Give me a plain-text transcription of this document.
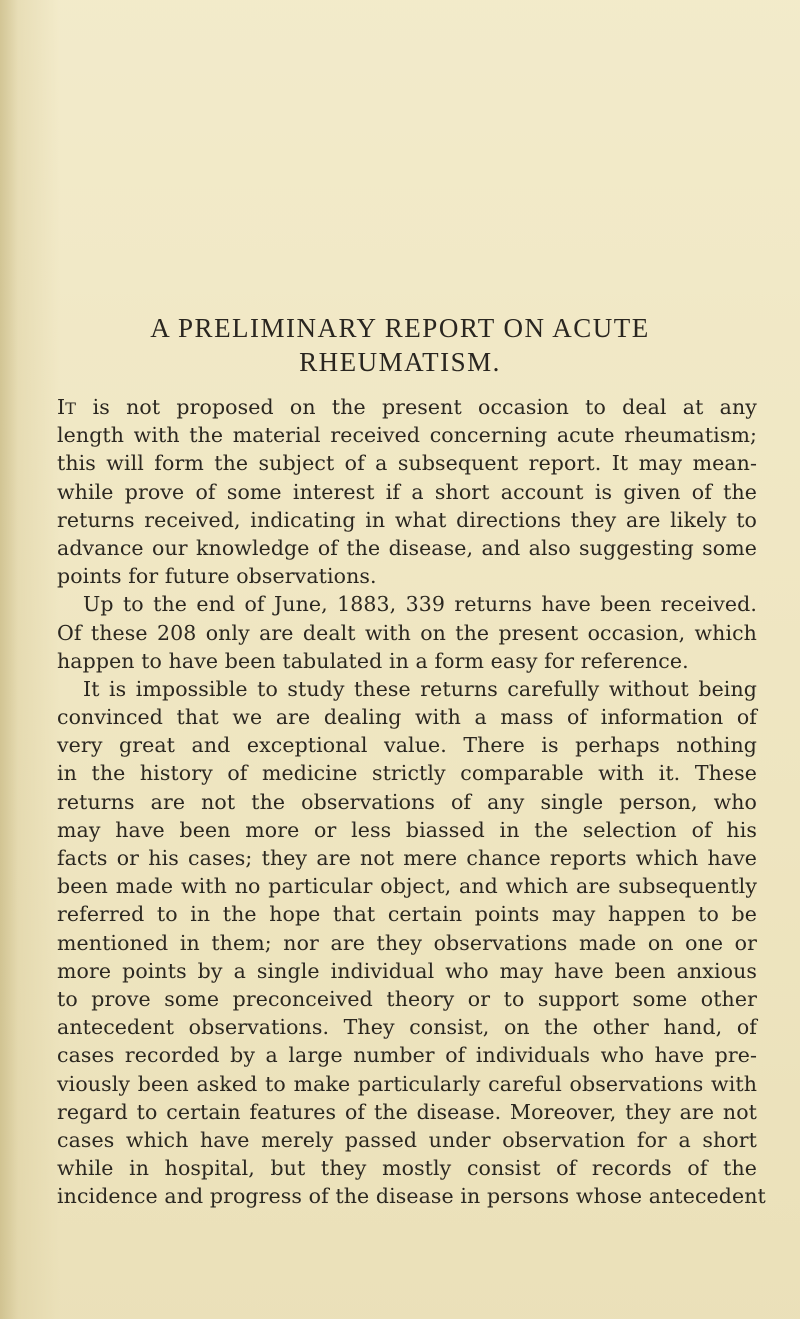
A PRELIMINARY REPORT ON ACUTE
RHEUMATISM.
IT is not proposed on the present occasion to deal at any
length with the material received concerning acute rheumatism;
this will form the subject of a subsequent report. It may mean-
while prove of some interest if a short account is given of the
returns received, indicating in what directions they are likely to
advance our knowledge of the disease, and also suggesting some
points for future observations.
Up to the end of June, 1883, 339 returns have been received.
Of these 208 only are dealt with on the present occasion, which
happen to have been tabulated in a form easy for reference.
It is impossible to study these returns carefully without being
convinced that we are dealing with a mass of information of
very great and exceptional value. There is perhaps nothing
in the history of medicine strictly comparable with it. These
returns are not the observations of any single person, who
may have been more or less biassed in the selection of his
facts or his cases; they are not mere chance reports which have
been made with no particular object, and which are subsequently
referred to in the hope that certain points may happen to be
mentioned in them; nor are they observations made on one or
more points by a single individual who may have been anxious
to prove some preconceived theory or to support some other
antecedent observations. They consist, on the other hand, of
cases recorded by a large number of individuals who have pre-
viously been asked to make particularly careful observations with
regard to certain features of the disease. Moreover, they are not
cases which have merely passed under observation for a short
while in hospital, but they mostly consist of records of the
incidence and progress of the disease in persons whose antecedent
